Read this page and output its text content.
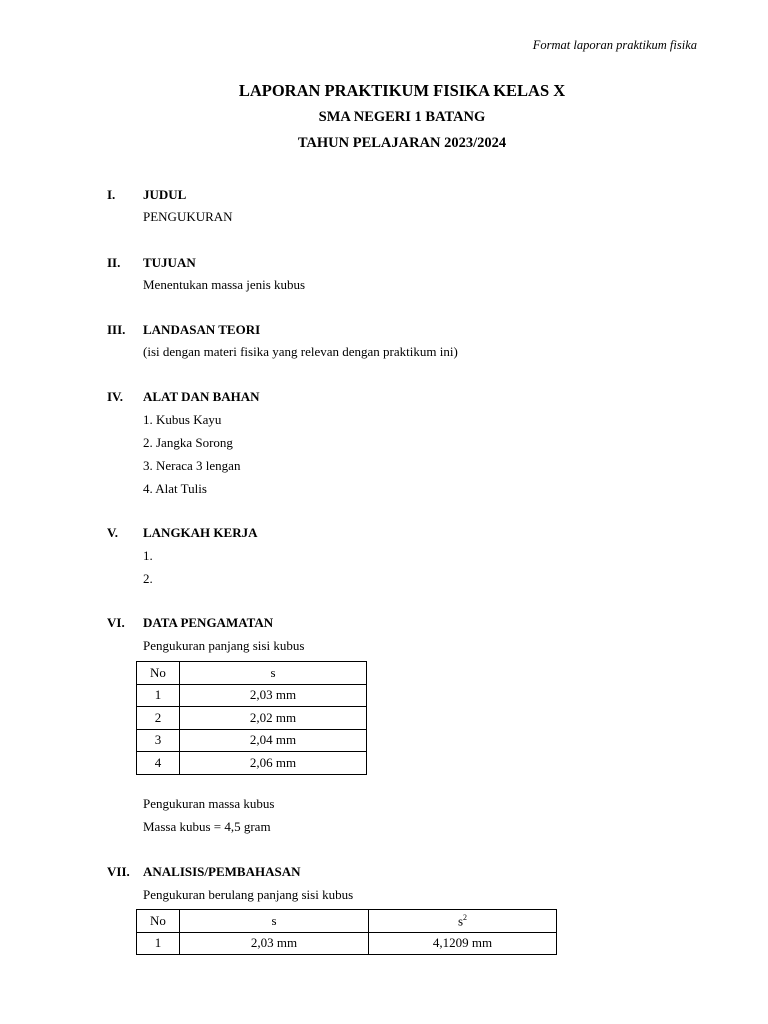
Format laporan praktikum fisika
LAPORAN PRAKTIKUM FISIKA KELAS X
SMA NEGERI 1 BATANG
TAHUN PELAJARAN 2023/2024
I. JUDUL
PENGUKURAN
II. TUJUAN
Menentukan massa jenis kubus
III. LANDASAN TEORI
(isi dengan materi fisika yang relevan dengan praktikum ini)
IV. ALAT DAN BAHAN
1. Kubus Kayu
2. Jangka Sorong
3. Neraca 3 lengan
4. Alat Tulis
V. LANGKAH KERJA
1.
2.
VI. DATA PENGAMATAN
Pengukuran panjang sisi kubus
No	s
1	2,03 mm
2	2,02 mm
3	2,04 mm
4	2,06 mm
Pengukuran massa kubus
Massa kubus = 4,5 gram
VII. ANALISIS/PEMBAHASAN
Pengukuran berulang panjang sisi kubus
No	s	$s^2$
1	2,03 mm	4,1209 mm
